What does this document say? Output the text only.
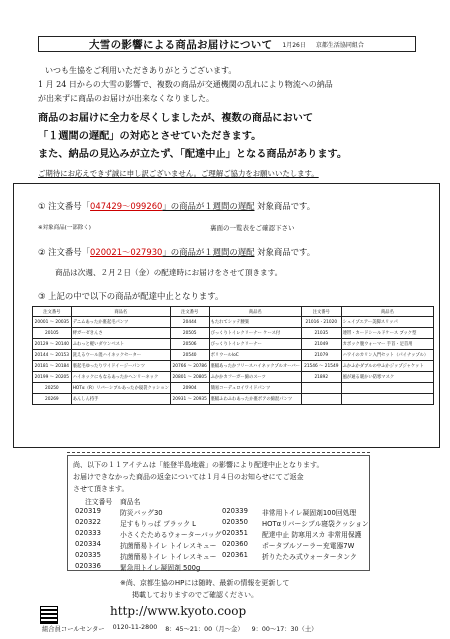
大雪の影響による商品お届けについて 1月26日 京都生活協同組合
いつも生協をご利用いただきありがとうございます。
1 月 24 日からの大雪の影響で、複数の商品が交通機関の乱れにより物流への納品
が出来ずに商品のお届けが出来なくなりました。
商品のお届けに全力を尽くしましたが、複数の商品において
「１週間の遅配」の対応とさせていただきます。
また、納品の見込みが立たず、「配達中止」となる商品があります。
ご期待にお応えできず誠に申し訳ございません。ご理解ご協力をお願いいたします。
① 注文番号「047429～099260」の商品が１週間の遅配 対象商品です。
※対象商品(一部除く)	裏面の一覧表をご確認下さい
② 注文番号「020021～027930」の商品が１週間の遅配 対象商品です。
商品は次週、２月２日（金）の配達時にお届けをさせて頂きます。
③ 上記の中で以下の商品が配達中止となります。
注文番号	商品名	注文番号	商品名	注文番号	商品名
20001 ～ 20035	デニムあったか裏起毛パンツ	20444	もたれてシッテ腰楽	21016・21020	シェイプエアー美脚スリッパ
20105	絆ガーゼきんさ	20505	びっくりトイレクリーナー ケース付	21035	連帯・カードシールドケース ブック型
20129 ～ 20140	ふわっと軽いダウンベスト	20506	びっくりトイレクリーナー	21049	カボック腹ウォーマー 手首・足首用
20144 ～ 20153	洗えるウール混ハイネックセーター	20540	ボリウールloC	21079	ハワイのカリン入門セット（パイナップル）
20181 ～ 20184	裏起毛ゆったりワイドイージーパンツ	20766 ～ 20786	裏幅あったかフリースハイネックプルオーバー	21546 ～ 21549	ふかふかダブルの中ふかジップジャケット
20199 ～ 20205	ハイネックにもなるあったかヘンリーネック	20801 ～ 20805	ふかかカフーガー綿のスーツ	21892	風が通る暖かい防寒マスク
20250	HOTα（R）リバーシブルあったか寝袋クッション	20904	簡易コーデュロイワイドパンツ		
20269	あんしん持手	20931 ～ 20935	裏幅ふわふわあったか裏ボアの綿混パンツ		
尚、以下の１１アイテムは「能登半島地震」の影響により配達中止となります。
お届けできなかった商品の返金については１月４日のお知らせにてご返金
させて頂きます。
注文番号 商品名
020319	防災バッグ30
020322	足すもりっぱ ブラック L
020333	小さくたためるウォーターバッグ
020334	抗菌簡易トイレ トイレスキュー
020335	抗菌簡易トイレ トイレスキュー
020336	緊急用トイレ凝固剤 500g
020339 非常用トイレ凝固剤100回処理
020350 HOTαリバーシブル寝袋クッション
020351 配達中止 防寒用スカ 非常用保護
020360 ポータブルソーラー充電器7W
020361 折りたたみ式ウォータータンク
※尚、京都生協のHPには随時、最新の情報を更新して
掲載しておりますのでご確認ください。
http://www.kyoto.coop
組合員コールセンター 0120-11-2800 8：45～21：00（月～金） 9：00～17：30（土）
